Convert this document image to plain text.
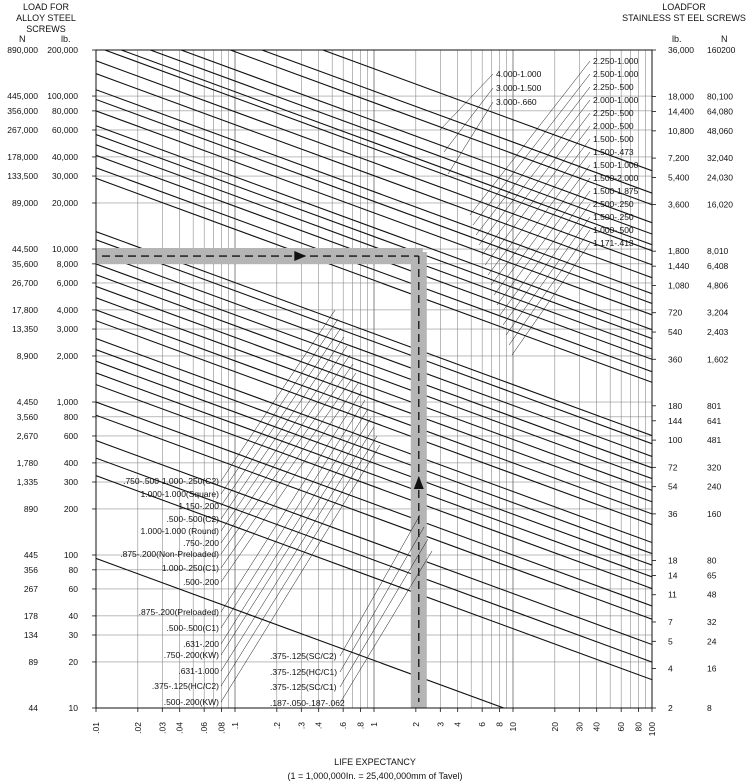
4.000-1.000
3.000-1.500
3.000-.660
2.250-1.000
2.500-1.000
2.250-.500
2.000-1.000
2.250-.500
2.000-.500
1.500-.500
1.500-.473
1.500-1.000
1.500-2.000
1.500-1.875
2.500-.250
1.500-.250
1.000-.500
1.171-.413
.750-.500-1.000-.250(C2)
1.000-1.000(Square)
1.150-.200
.500-.500(C2)
1.000-1.000 (Round)
.750-.200
.875-.200(Non-Preloaded)
1.000-.250(C1)
.500-.200
.875-.200(Preloaded)
.500-.500(C1)
.631-.200
.750-.200(KW)
.631-1.000
.375-.125(HC/C2)
.500-.200(KW)
.375-.125(SC/C2)
.375-.125(HC/C1)
.375-.125(SC/C1)
.187-.050-.187-.062
890,000 200,000
445,000 100,000
356,000 80,000
267,000 60,000
178,000 40,000
133,500 30,000
89,000 20,000
44,500 10,000
35,600 8,000
26,700 6,000
17,800 4,000
13,350 3,000
8,900 2,000
4,450 1,000
3,560	800
2,670	600
1,780	400
1,335	300
890	200
445	100
356	80
267	60
178	40
134	30
89	20
44	10
36,000 160200
18,000 80,100
14,400 64,080
10,800 48,060
7,200 32,040
5,400 24,030
3,600 16,020
1,800 8,010
1,440 6,408
1,080 4,806
720	3,204
540	2,403
360	1,602
180	801
144	641
100	481
72	320
54	240
36	160
18	80
14	65
11	48
7	32
5	24
4	16
2	8
.01	.02 .03 .04 .06 .08 .1	.2 .3 .4 .6 .8 1	2 3 4 6 8 10	20 30 40 60 80 100
LOAD FOR
ALLOY STEEL SCREWS
LOADFOR
STAINLESS ST EEL SCREWS
N	lb.	lb.	N
LIFE EXPECTANCY
(1 = 1,000,000In. = 25,400,000mm of Tavel)
